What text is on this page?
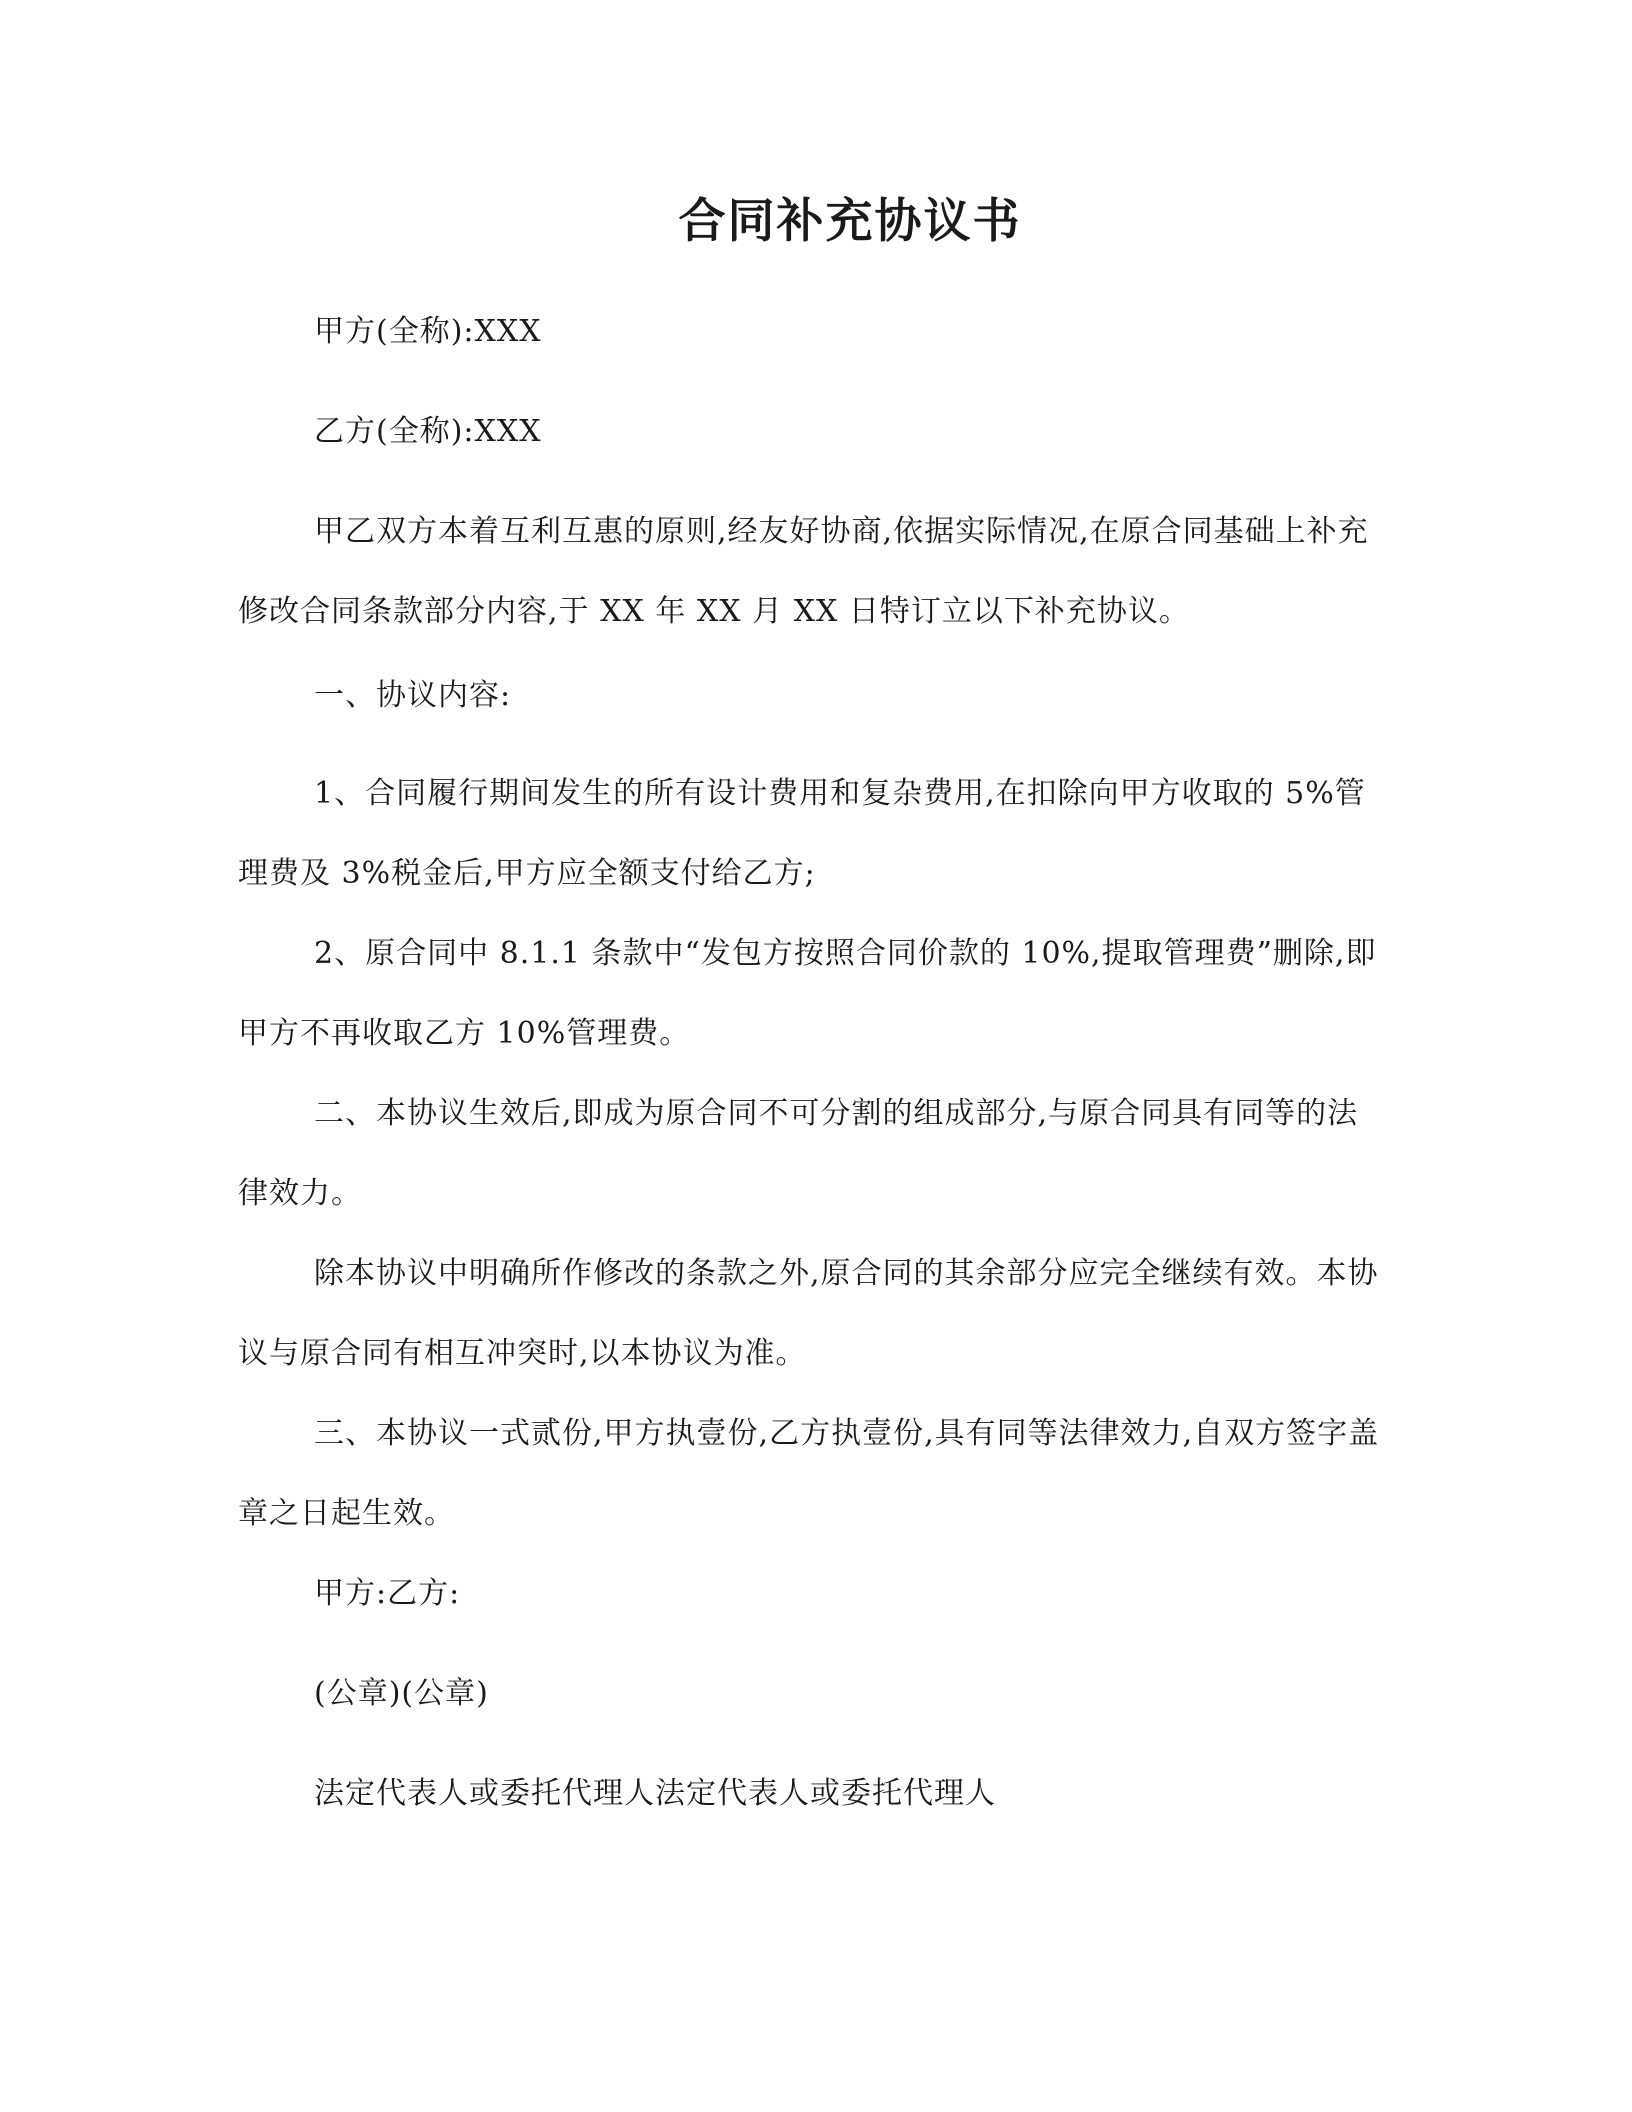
合同补充协议书

甲方(全称):XXX

乙方(全称):XXX

甲乙双方本着互利互惠的原则,经友好协商,依据实际情况,在原合同基础上补充修改合同条款部分内容,于 XX 年 XX 月 XX 日特订立以下补充协议。

一、协议内容:

1、合同履行期间发生的所有设计费用和复杂费用,在扣除向甲方收取的 5%管理费及 3%税金后,甲方应全额支付给乙方;

2、原合同中 8.1.1 条款中“发包方按照合同价款的 10%,提取管理费”删除,即甲方不再收取乙方 10%管理费。

二、本协议生效后,即成为原合同不可分割的组成部分,与原合同具有同等的法律效力。

除本协议中明确所作修改的条款之外,原合同的其余部分应完全继续有效。本协议与原合同有相互冲突时,以本协议为准。

三、本协议一式贰份,甲方执壹份,乙方执壹份,具有同等法律效力,自双方签字盖章之日起生效。

甲方:乙方:

(公章)(公章)

法定代表人或委托代理人法定代表人或委托代理人
